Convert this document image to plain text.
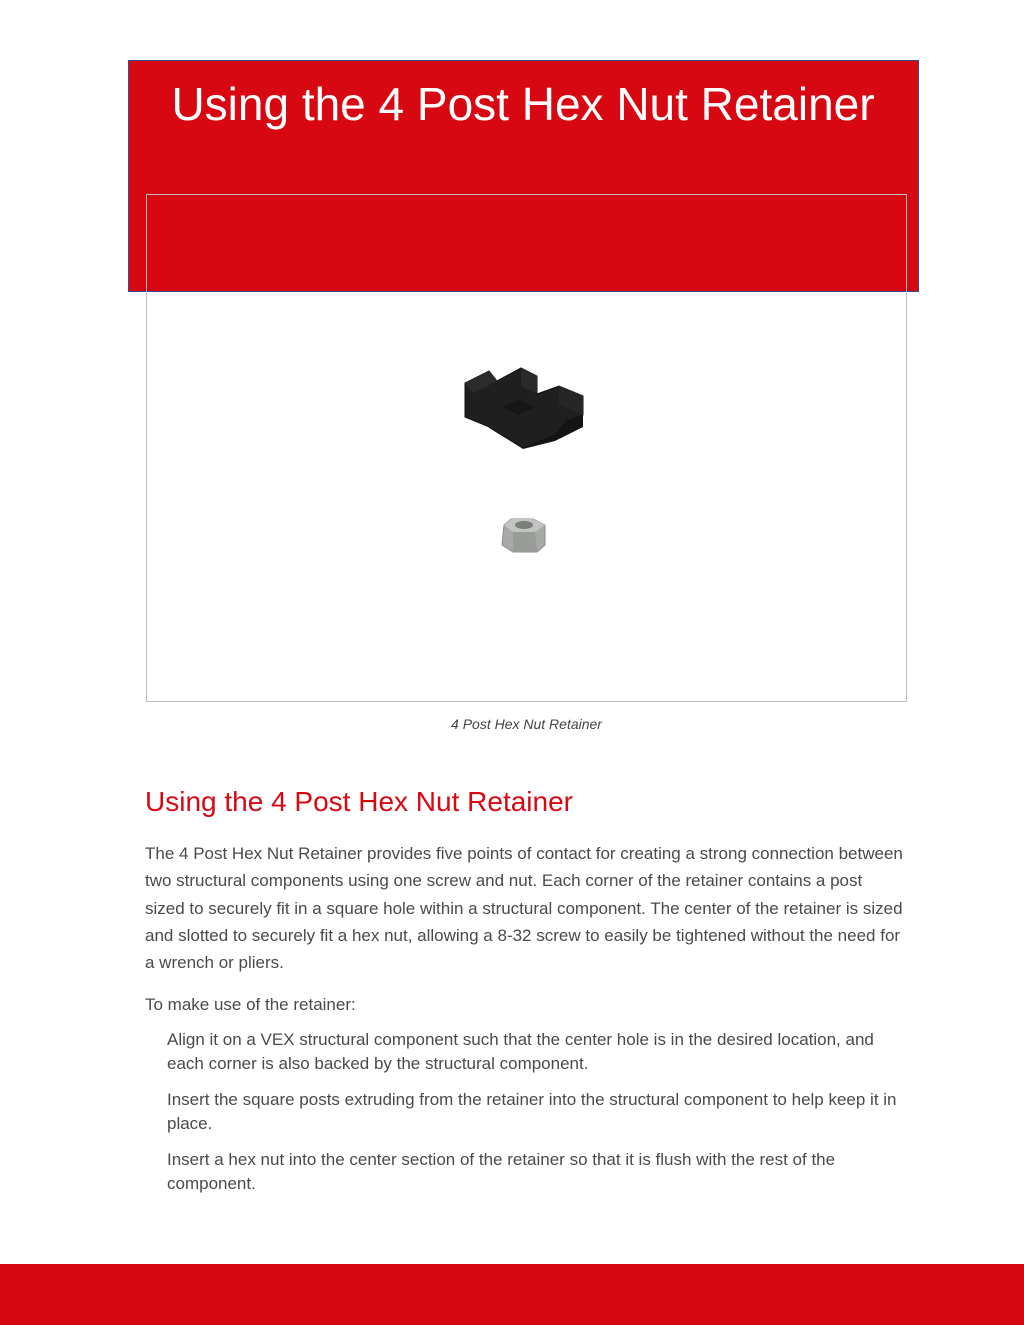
Using the 4 Post Hex Nut Retainer
4 Post Hex Nut Retainer
Using the 4 Post Hex Nut Retainer

The 4 Post Hex Nut Retainer provides five points of contact for creating a strong connection between two structural components using one screw and nut. Each corner of the retainer contains a post sized to securely fit in a square hole within a structural component. The center of the retainer is sized and slotted to securely fit a hex nut, allowing a 8-32 screw to easily be tightened without the need for a wrench or pliers.

To make use of the retainer:

Align it on a VEX structural component such that the center hole is in the desired location, and each corner is also backed by the structural component.
Insert the square posts extruding from the retainer into the structural component to help keep it in place.
Insert a hex nut into the center section of the retainer so that it is flush with the rest of the component.
